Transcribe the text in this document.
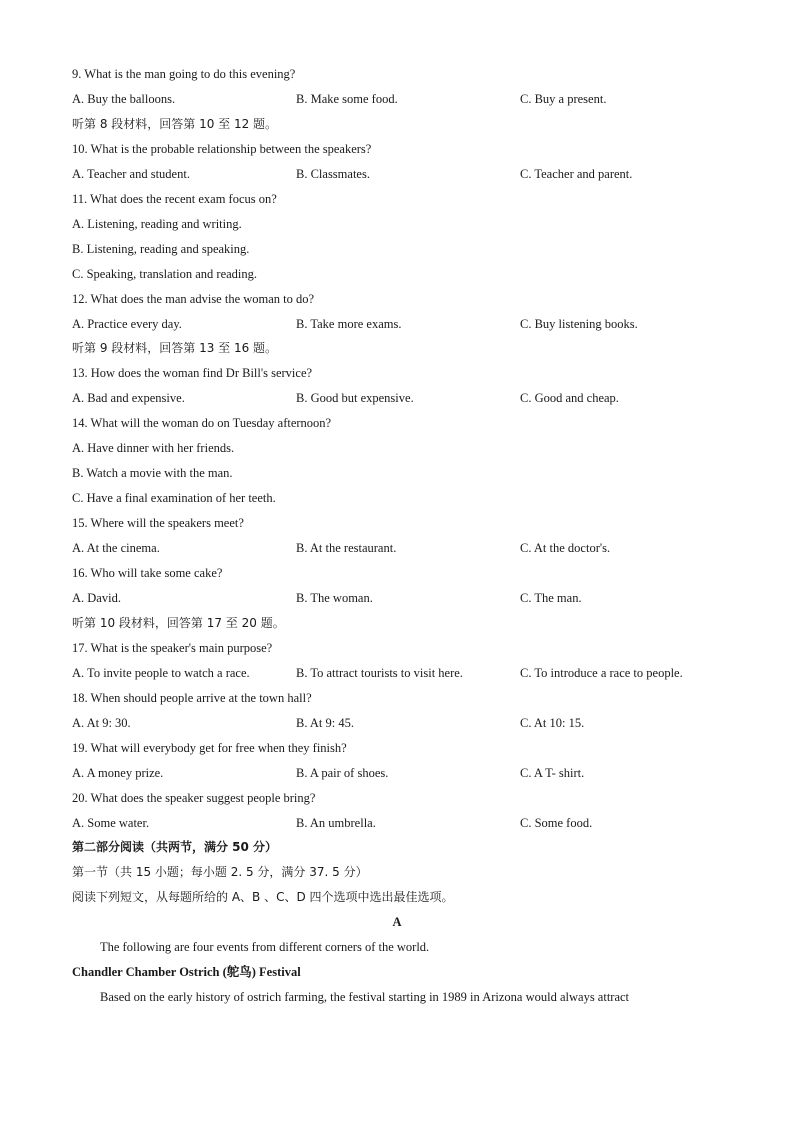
9. What is the man going to do this evening?
A. Buy the balloons.	B. Make some food.	C. Buy a present.
听第 8 段材料，回答第 10 至 12 题。
10. What is the probable relationship between the speakers?
A. Teacher and student.	B. Classmates.	C. Teacher and parent.
11. What does the recent exam focus on?
A. Listening, reading and writing.
B. Listening, reading and speaking.
C. Speaking, translation and reading.
12. What does the man advise the woman to do?
A. Practice every day.	B. Take more exams.	C. Buy listening books.
听第 9 段材料，回答第 13 至 16 题。
13. How does the woman find Dr Bill's service?
A. Bad and expensive.	B. Good but expensive.	C. Good and cheap.
14. What will the woman do on Tuesday afternoon?
A. Have dinner with her friends.
B. Watch a movie with the man.
C. Have a final examination of her teeth.
15. Where will the speakers meet?
A. At the cinema.	B. At the restaurant.	C. At the doctor's.
16. Who will take some cake?
A. David.	B. The woman.	C. The man.
听第 10 段材料，回答第 17 至 20 题。
17. What is the speaker's main purpose?
A. To invite people to watch a race.	B. To attract tourists to visit here.	C. To introduce a race to people.
18. When should people arrive at the town hall?
A. At 9: 30.	B. At 9: 45.	C. At 10: 15.
19. What will everybody get for free when they finish?
A. A money prize.	B. A pair of shoes.	C. A T- shirt.
20. What does the speaker suggest people bring?
A. Some water.	B. An umbrella.	C. Some food.
第二部分阅读（共两节，满分 50 分）
第一节（共 15 小题；每小题 2. 5 分，满分 37. 5 分）
阅读下列短文，从每题所给的 A、B 、C、D 四个选项中选出最佳选项。
A
The following are four events from different corners of the world.
Chandler Chamber Ostrich (鸵鸟) Festival
Based on the early history of ostrich farming, the festival starting in 1989 in Arizona would always attract
